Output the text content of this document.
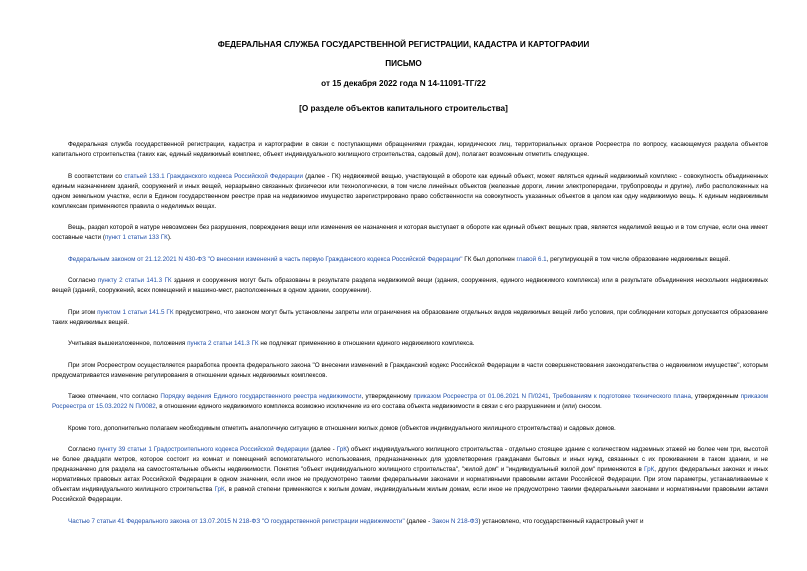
ФЕДЕРАЛЬНАЯ СЛУЖБА ГОСУДАРСТВЕННОЙ РЕГИСТРАЦИИ, КАДАСТРА И КАРТОГРАФИИ
ПИСЬМО
от 15 декабря 2022 года N 14-11091-ТГ/22
[О разделе объектов капитального строительства]

Федеральная служба государственной регистрации, кадастра и картографии в связи с поступающими обращениями граждан, юридических лиц, территориальных органов Росреестра по вопросу, касающемуся раздела объектов капитального строительства (таких как, единый недвижимый комплекс, объект индивидуального жилищного строительства, садовый дом), полагает возможным отметить следующее.

В соответствии со статьей 133.1 Гражданского кодекса Российской Федерации (далее - ГК) недвижимой вещью, участвующей в обороте как единый объект, может являться единый недвижимый комплекс - совокупность объединенных единым назначением зданий, сооружений и иных вещей, неразрывно связанных физически или технологически, в том числе линейных объектов (железные дороги, линии электропередачи, трубопроводы и другие), либо расположенных на одном земельном участке, если в Едином государственном реестре прав на недвижимое имущество зарегистрировано право собственности на совокупность указанных объектов в целом как одну недвижимую вещь. К единым недвижимым комплексам применяются правила о неделимых вещах.

Вещь, раздел которой в натуре невозможен без разрушения, повреждения вещи или изменения ее назначения и которая выступает в обороте как единый объект вещных прав, является неделимой вещью и в том случае, если она имеет составные части (пункт 1 статьи 133 ГК).

Федеральным законом от 21.12.2021 N 430-ФЗ "О внесении изменений в часть первую Гражданского кодекса Российской Федерации" ГК был дополнен главой 6.1, регулирующей в том числе образование недвижимых вещей.

Согласно пункту 2 статьи 141.3 ГК здания и сооружения могут быть образованы в результате раздела недвижимой вещи (здания, сооружения, единого недвижимого комплекса) или в результате объединения нескольких недвижимых вещей (зданий, сооружений, всех помещений и машино-мест, расположенных в одном здании, сооружении).

При этом пунктом 1 статьи 141.5 ГК предусмотрено, что законом могут быть установлены запреты или ограничения на образование отдельных видов недвижимых вещей либо условия, при соблюдении которых допускается образование таких недвижимых вещей.

Учитывая вышеизложенное, положения пункта 2 статьи 141.3 ГК не подлежат применению в отношении единого недвижимого комплекса.

При этом Росреестром осуществляется разработка проекта федерального закона "О внесении изменений в Гражданский кодекс Российской Федерации в части совершенствования законодательства о недвижимом имуществе", которым предусматривается изменение регулирования в отношении единых недвижимых комплексов.

Также отмечаем, что согласно Порядку ведения Единого государственного реестра недвижимости, утвержденному приказом Росреестра от 01.06.2021 N П/0241, Требованиям к подготовке технического плана, утвержденным приказом Росреестра от 15.03.2022 N П/0082, в отношении единого недвижимого комплекса возможно исключение из его состава объекта недвижимости в связи с его разрушением и (или) сносом.

Кроме того, дополнительно полагаем необходимым отметить аналогичную ситуацию в отношении жилых домов (объектов индивидуального жилищного строительства) и садовых домов.

Согласно пункту 39 статьи 1 Градостроительного кодекса Российской Федерации (далее - ГрК) объект индивидуального жилищного строительства - отдельно стоящее здание с количеством надземных этажей не более чем три, высотой не более двадцати метров, которое состоит из комнат и помещений вспомогательного использования, предназначенных для удовлетворения гражданами бытовых и иных нужд, связанных с их проживанием в таком здании, и не предназначено для раздела на самостоятельные объекты недвижимости. Понятия "объект индивидуального жилищного строительства", "жилой дом" и "индивидуальный жилой дом" применяются в ГрК, других федеральных законах и иных нормативных правовых актах Российской Федерации в одном значении, если иное не предусмотрено такими федеральными законами и нормативными правовыми актами Российской Федерации. При этом параметры, устанавливаемые к объектам индивидуального жилищного строительства ГрК, в равной степени применяются к жилым домам, индивидуальным жилым домам, если иное не предусмотрено такими федеральными законами и нормативными правовыми актами Российской Федерации.

Частью 7 статьи 41 Федерального закона от 13.07.2015 N 218-ФЗ "О государственной регистрации недвижимости" (далее - Закон N 218-ФЗ) установлено, что государственный кадастровый учет и
